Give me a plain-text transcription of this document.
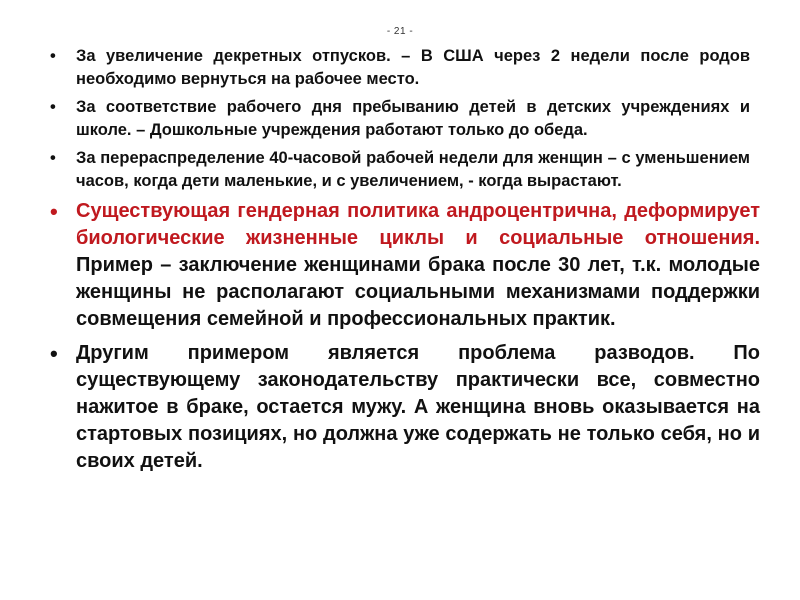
- 21 -
• За увеличение декретных отпусков. – В США через 2 недели после родов необходимо вернуться на рабочее место.
• За соответствие рабочего дня пребыванию детей в детских учреждениях и школе. – Дошкольные учреждения работают только до обеда.
• За перераспределение 40-часовой рабочей недели для женщин – с уменьшением часов, когда дети маленькие, и с увеличением, - когда вырастают.
• Существующая гендерная политика андроцентрична, деформирует биологические жизненные циклы и социальные отношения. Пример – заключение женщинами брака после 30 лет, т.к. молодые женщины не располагают социальными механизмами поддержки совмещения семейной и профессиональных практик.
• Другим примером является проблема разводов. По существующему законодательству практически все, совместно нажитое в браке, остается мужу. А женщина вновь оказывается на стартовых позициях, но должна уже содержать не только себя, но и своих детей.
